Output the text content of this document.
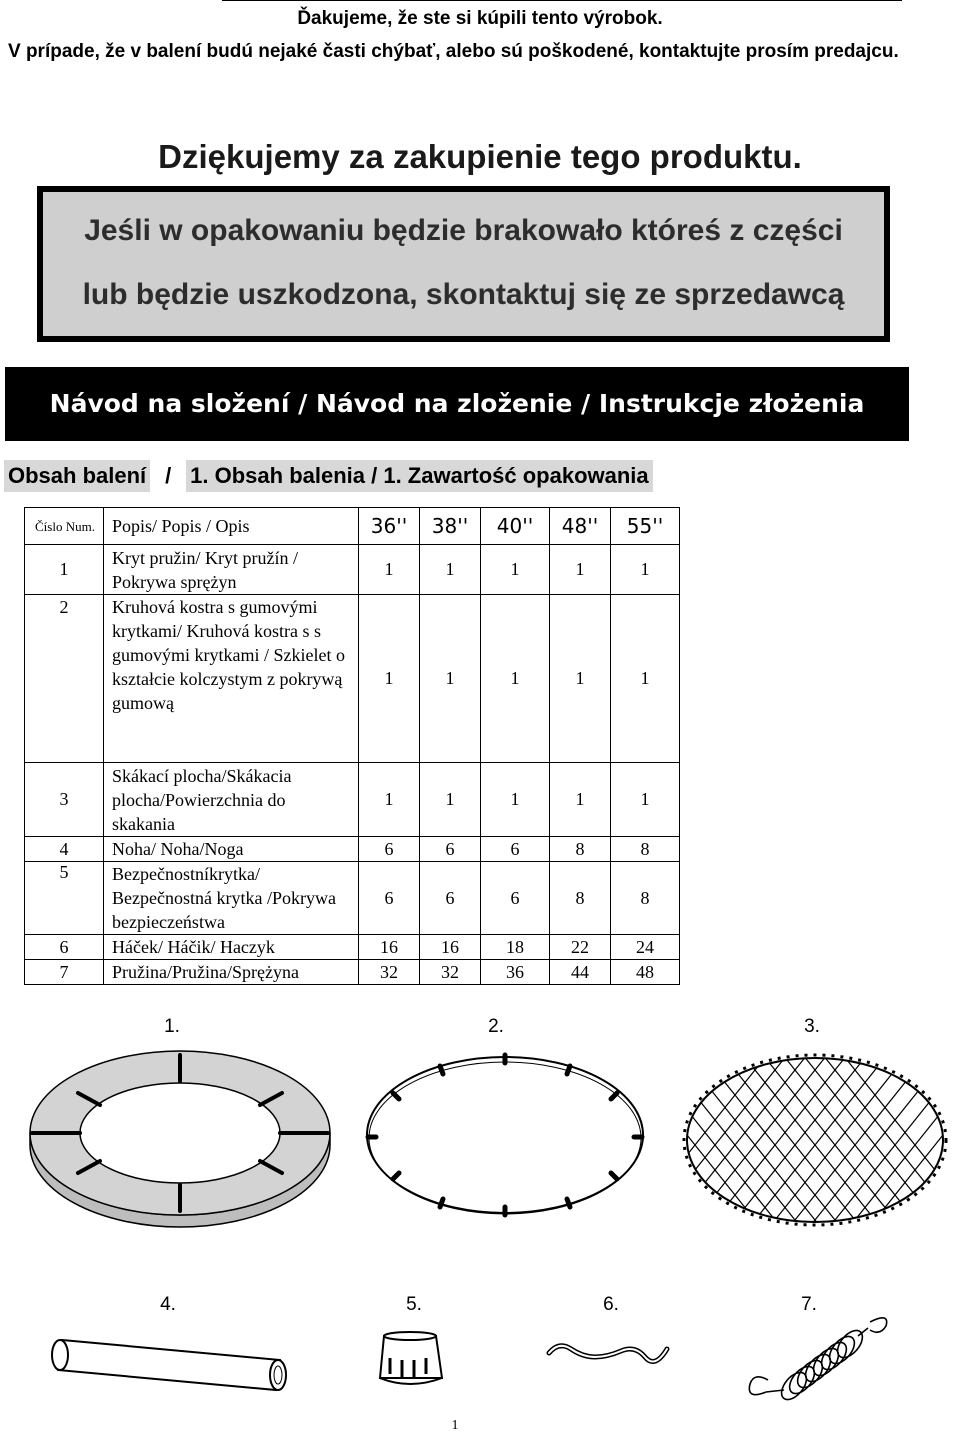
Ďakujeme, že ste si kúpili tento výrobok.
V prípade, že v balení budú nejaké časti chýbať, alebo sú poškodené, kontaktujte prosím predajcu.
Dziękujemy za zakupienie tego produktu.
Jeśli w opakowaniu będzie brakowało któreś z części
lub będzie uszkodzona, skontaktuj się ze sprzedawcą
Návod na složení / Návod na zloženie / Instrukcje złożenia
Obsah balení / 1. Obsah balenia / 1. Zawartość opakowania
Číslo Num.	Popis/ Popis / Opis	36''	38''	40''	48''	55''
1	Kryt pružin/ Kryt pružín / Pokrywa sprężyn	1	1	1	1	1
2	Kruhová kostra s gumovými krytkami/ Kruhová kostra s s gumovými krytkami / Szkielet o kształcie kolczystym z pokrywą gumową	1	1	1	1	1
3	Skákací plocha/Skákacia plocha/Powierzchnia do skakania	1	1	1	1	1
4	Noha/ Noha/Noga	6	6	6	8	8
5	Bezpečnostníkrytka/ Bezpečnostná krytka /Pokrywa bezpieczeństwa	6	6	6	8	8
6	Háček/ Háčik/ Haczyk	16	16	18	22	24
7	Pružina/Pružina/Sprężyna	32	32	36	44	48
1.	2.	3.
4.	5.	6.	7.
1
